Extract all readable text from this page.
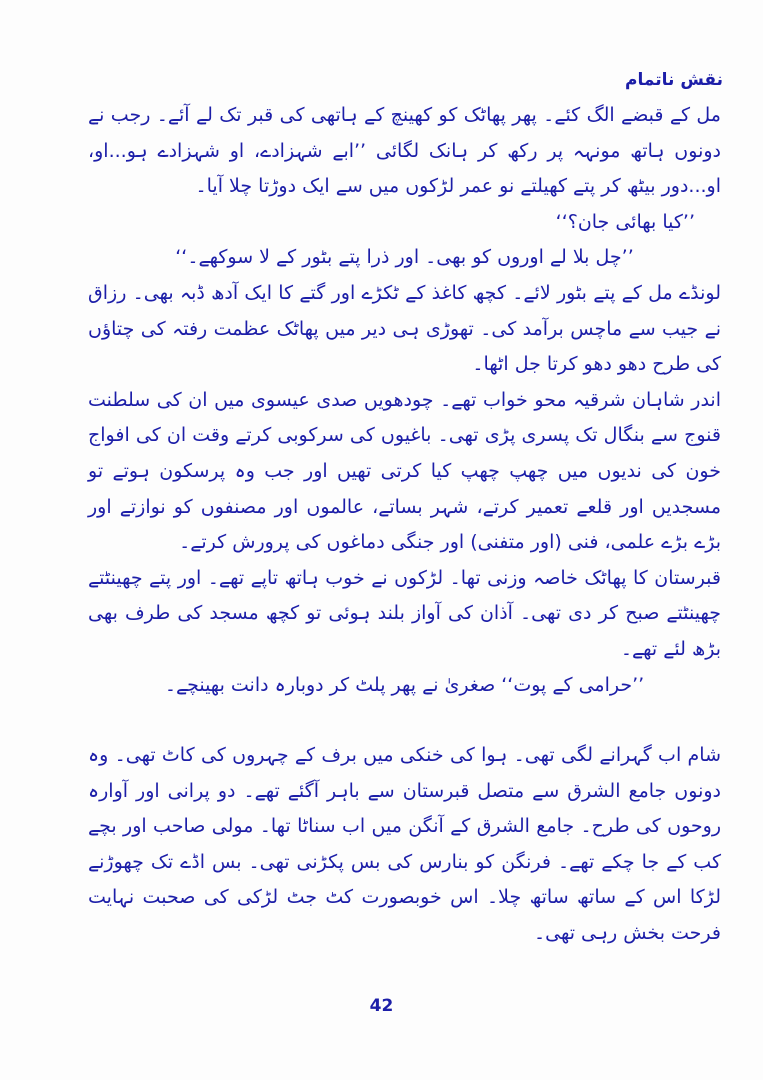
نقش ناتمام

مل کے قبضے الگ کئے۔ پھر پھاٹک کو کھینچ کے ہاتھی کی قبر تک لے آئے۔ رجب نے دونوں ہاتھ مونہہ پر رکھ کر ہانک لگائی ’’ابے شہزادے، او شہزادے ہو...او، او...دور بیٹھ کر پتے کھیلتے نو عمر لڑکوں میں سے ایک دوڑتا چلا آیا۔

’’کیا بھائی جان؟‘‘

’’چل بلا لے اوروں کو بھی۔ اور ذرا پتے بٹور کے لا سوکھے۔‘‘

لونڈے مل کے پتے بٹور لائے۔ کچھ کاغذ کے ٹکڑے اور گتے کا ایک آدھ ڈبہ بھی۔ رزاق نے جیب سے ماچس برآمد کی۔ تھوڑی ہی دیر میں پھاٹک عظمت رفتہ کی چتاؤں کی طرح دھو دھو کرتا جل اٹھا۔

اندر شاہان شرقیہ محو خواب تھے۔ چودھویں صدی عیسوی میں ان کی سلطنت قنوج سے بنگال تک پسری پڑی تھی۔ باغیوں کی سرکوبی کرتے وقت ان کی افواج خون کی ندیوں میں چھپ چھپ کیا کرتی تھیں اور جب وہ پرسکون ہوتے تو مسجدیں اور قلعے تعمیر کرتے، شہر بساتے، عالموں اور مصنفوں کو نوازتے اور بڑے بڑے علمی، فنی (اور متفنی) اور جنگی دماغوں کی پرورش کرتے۔

قبرستان کا پھاٹک خاصہ وزنی تھا۔ لڑکوں نے خوب ہاتھ تاپے تھے۔ اور پتے چھینٹتے چھینٹتے صبح کر دی تھی۔ آذان کی آواز بلند ہوئی تو کچھ مسجد کی طرف بھی بڑھ لئے تھے۔

’’حرامی کے پوت‘‘ صغریٰ نے پھر پلٹ کر دوبارہ دانت بھینچے۔

شام اب گہرانے لگی تھی۔ ہوا کی خنکی میں برف کے چہروں کی کاٹ تھی۔ وہ دونوں جامع الشرق سے متصل قبرستان سے باہر آگئے تھے۔ دو پرانی اور آوارہ روحوں کی طرح۔ جامع الشرق کے آنگن میں اب سناٹا تھا۔ مولی صاحب اور بچے کب کے جا چکے تھے۔ فرنگن کو بنارس کی بس پکڑنی تھی۔ بس اڈے تک چھوڑنے لڑکا اس کے ساتھ ساتھ چلا۔ اس خوبصورت کٹ جٹ لڑکی کی صحبت نہایت فرحت بخش رہی تھی۔

42
